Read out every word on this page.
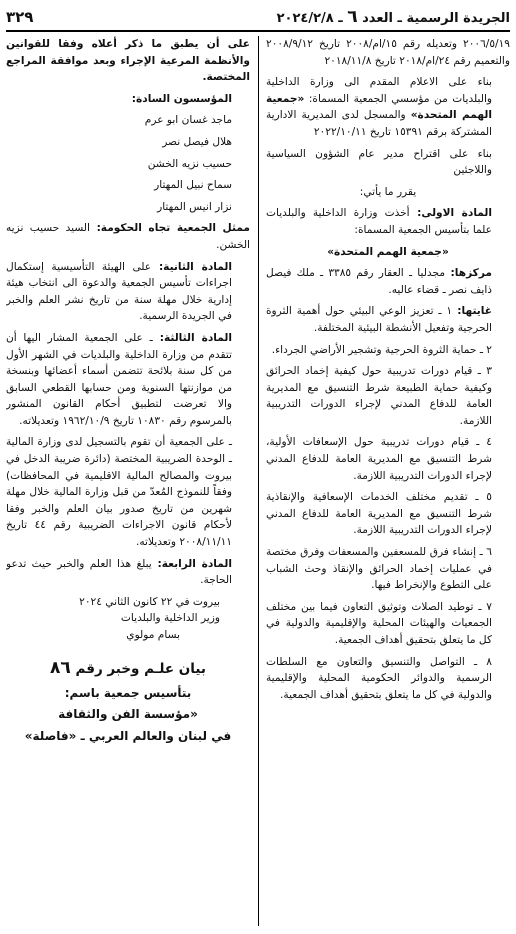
الجريدة الرسمية ـ العدد ٦ ـ ٢٠٢٤/٢/٨
٣٢٩

٢٠٠٦/٥/١٩ وتعديله رقم ١٥/ام/٢٠٠٨ تاريخ ٢٠٠٨/٩/١٢ والتعميم رقم ٢٤/ام/٢٠١٨ تاريخ ٢٠١٨/١١/٨

بناء على الاعلام المقدم الى وزارة الداخلية والبلديات من مؤسسي الجمعية المسماة: «جمعية الهمم المتحدة» والمسجل لدى المديرية الادارية المشتركة برقم ١٥٣٩١ تاريخ ٢٠٢٢/١٠/١١

بناء على اقتراح مدير عام الشؤون السياسية واللاجئين

يقرر ما يأتي:

المادة الاولى: أخذت وزارة الداخلية والبلديات علما بتأسيس الجمعية المسماة:

«جمعية الهمم المتحدة»

مركزها: مجدليا ـ العقار رقم ٣٣٨٥ ـ ملك فيصل ذايف نصر ـ قضاء عاليه.

غايتها: ١ ـ تعزيز الوعي البيئي حول أهمية الثروة الحرجية وتفعيل الأنشطة البيئية المختلفة.

٢ ـ حماية الثروة الحرجية وتشجير الأراضي الجرداء.

٣ ـ قيام دورات تدريبية حول كيفية إخماد الحرائق وكيفية حماية الطبيعة شرط التنسيق مع المديرية العامة للدفاع المدني لإجراء الدورات التدريبية اللازمة.

٤ ـ قيام دورات تدريبية حول الإسعافات الأولية، شرط التنسيق مع المديرية العامة للدفاع المدني لإجراء الدورات التدريبية اللازمة.

٥ ـ تقديم مختلف الخدمات الإسعافية والإنقاذية شرط التنسيق مع المديرية العامة للدفاع المدني لإجراء الدورات التدريبية اللازمة.

٦ ـ إنشاء فرق للمسعفين والمسعفات وفرق مختصة في عمليات إخماد الحرائق والإنقاذ وحث الشباب على التطوع والإنخراط فيها.

٧ ـ توطيد الصلات وتوثيق التعاون فيما بين مختلف الجمعيات والهيئات المحلية والإقليمية والدولية في كل ما يتعلق بتحقيق أهداف الجمعية.

٨ ـ التواصل والتنسيق والتعاون مع السلطات الرسمية والدوائر الحكومية المحلية والإقليمية والدولية في كل ما يتعلق بتحقيق أهداف الجمعية.

على أن يطبق ما ذكر أعلاه وفقا للقوانين والأنظمة المرعية الإجراء وبعد موافقة المراجع المختصة.

المؤسسون السادة:

ماجد غسان ابو عرم

هلال فيصل نصر

حسيب نزيه الخشن

سماح نبيل المهتار

نزار انيس المهتار

ممثل الجمعية تجاه الحكومة: السيد حسيب نزيه الخشن.

المادة الثانية: على الهيئة التأسيسية إستكمال اجراءات تأسيس الجمعية والدعوة الى انتخاب هيئة إدارية خلال مهلة سنة من تاريخ نشر العلم والخبر في الجريدة الرسمية.

المادة الثالثة: ـ على الجمعية المشار اليها أن تتقدم من وزارة الداخلية والبلديات في الشهر الأول من كل سنة بلائحة تتضمن أسماء أعضائها وبنسخة من موازنتها السنوية ومن حسابها القطعي السابق والا تعرضت لتطبيق أحكام القانون المنشور بالمرسوم رقم ١٠٨٣٠ تاريخ ١٩٦٢/١٠/٩ وتعديلاته.

ـ على الجمعية أن تقوم بالتسجيل لدى وزارة المالية ـ الوحدة الضريبية المختصة (دائرة ضريبة الدخل في بيروت والمصالح المالية الاقليمية في المحافظات) وفقاً للنموذج المُعدّ من قبل وزارة المالية خلال مهلة شهرين من تاريخ صدور بيان العلم والخبر وفقا لأحكام قانون الاجراءات الضريبية رقم ٤٤ تاريخ ٢٠٠٨/١١/١١ وتعديلاته.

المادة الرابعة: يبلغ هذا العلم والخبر حيث تدعو الحاجة.

بيروت في ٢٢ كانون الثاني ٢٠٢٤

وزير الداخلية والبلديات

بسام مولوي

بيان علـم وخبر رقم ٨٦

بتأسيس جمعية باسم:

«مؤسسة الفن والثقافة

في لبنان والعالم العربي ـ «فاصلة»
